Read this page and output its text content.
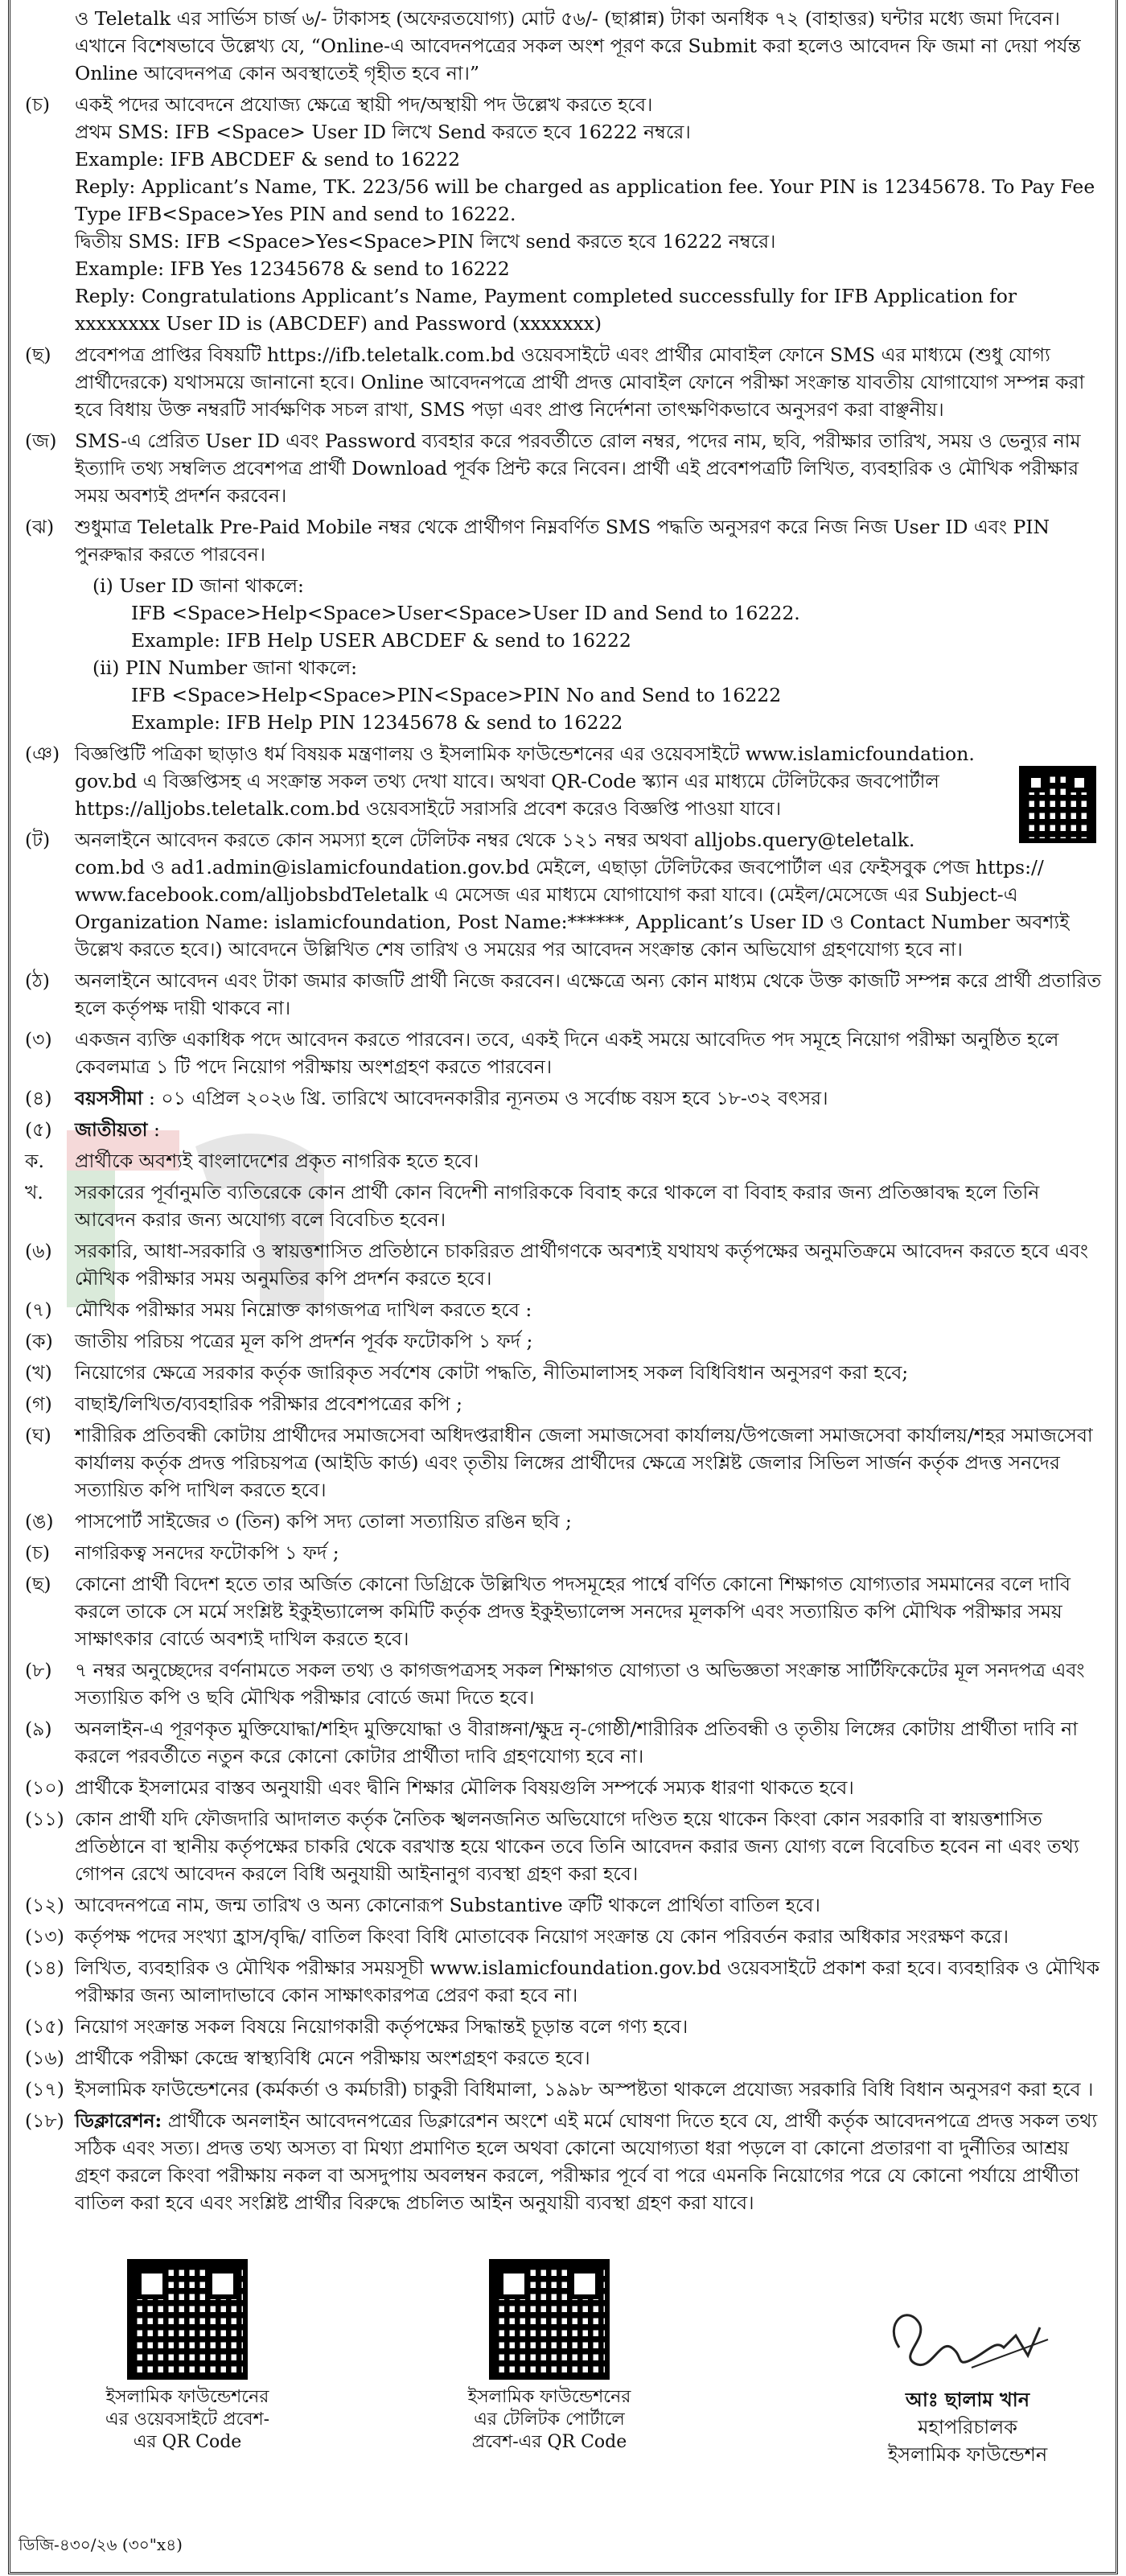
ও Teletalk এর সার্ভিস চার্জ ৬/- টাকাসহ (অফেরতযোগ্য) মোট ৫৬/- (ছাপ্পান্ন) টাকা অনধিক ৭২ (বাহাত্তর) ঘন্টার মধ্যে জমা দিবেন।
এখানে বিশেষভাবে উল্লেখ্য যে, “Online-এ আবেদনপত্রের সকল অংশ পূরণ করে Submit করা হলেও আবেদন ফি জমা না দেয়া পর্যন্ত Online আবেদনপত্র কোন অবস্থাতেই গৃহীত হবে না।”
(চ)	একই পদের আবেদনে প্রযোজ্য ক্ষেত্রে স্থায়ী পদ/অস্থায়ী পদ উল্লেখ করতে হবে।
প্রথম SMS: IFB <Space> User ID লিখে Send করতে হবে 16222 নম্বরে।
Example: IFB ABCDEF & send to 16222
Reply: Applicant’s Name, TK. 223/56 will be charged as application fee. Your PIN is 12345678. To Pay Fee Type IFB<Space>Yes PIN and send to 16222.
দ্বিতীয় SMS: IFB <Space>Yes<Space>PIN লিখে send করতে হবে 16222 নম্বরে।
Example: IFB Yes 12345678 & send to 16222
Reply: Congratulations Applicant’s Name, Payment completed successfully for IFB Application for xxxxxxxx User ID is (ABCDEF) and Password (xxxxxxx)
(ছ)	প্রবেশপত্র প্রাপ্তির বিষয়টি https://ifb.teletalk.com.bd ওয়েবসাইটে এবং প্রার্থীর মোবাইল ফোনে SMS এর মাধ্যমে (শুধু যোগ্য প্রার্থীদেরকে) যথাসময়ে জানানো হবে। Online আবেদনপত্রে প্রার্থী প্রদত্ত মোবাইল ফোনে পরীক্ষা সংক্রান্ত যাবতীয় যোগাযোগ সম্পন্ন করা হবে বিধায় উক্ত নম্বরটি সার্বক্ষণিক সচল রাখা, SMS পড়া এবং প্রাপ্ত নির্দেশনা তাৎক্ষণিকভাবে অনুসরণ করা বাঞ্ছনীয়।
(জ) SMS-এ প্রেরিত User ID এবং Password ব্যবহার করে পরবর্তীতে রোল নম্বর, পদের নাম, ছবি, পরীক্ষার তারিখ, সময় ও ভেন্যুর নাম ইত্যাদি তথ্য সম্বলিত প্রবেশপত্র প্রার্থী Download পূর্বক প্রিন্ট করে নিবেন। প্রার্থী এই প্রবেশপত্রটি লিখিত, ব্যবহারিক ও মৌখিক পরীক্ষার সময় অবশ্যই প্রদর্শন করবেন।
(ঝ)	শুধুমাত্র Teletalk Pre-Paid Mobile নম্বর থেকে প্রার্থীগণ নিম্নবর্ণিত SMS পদ্ধতি অনুসরণ করে নিজ নিজ User ID এবং PIN পুনরুদ্ধার করতে পারবেন।
(i) User ID জানা থাকলে:
IFB <Space>Help<Space>User<Space>User ID and Send to 16222.
Example: IFB Help USER ABCDEF & send to 16222
(ii) PIN Number জানা থাকলে:
IFB <Space>Help<Space>PIN<Space>PIN No and Send to 16222
Example: IFB Help PIN 12345678 & send to 16222
(ঞ) বিজ্ঞপ্তিটি পত্রিকা ছাড়াও ধর্ম বিষয়ক মন্ত্রণালয় ও ইসলামিক ফাউন্ডেশনের এর ওয়েবসাইটে www.islamicfoundation.
gov.bd এ বিজ্ঞপ্তিসহ এ সংক্রান্ত সকল তথ্য দেখা যাবে। অথবা QR-Code স্ক্যান এর মাধ্যমে টেলিটকের জবপোর্টাল
https://alljobs.teletalk.com.bd ওয়েবসাইটে সরাসরি প্রবেশ করেও বিজ্ঞপ্তি পাওয়া যাবে।
(ট)	অনলাইনে আবেদন করতে কোন সমস্যা হলে টেলিটক নম্বর থেকে ১২১ নম্বর অথবা alljobs.query@teletalk.
com.bd ও ad1.admin@islamicfoundation.gov.bd মেইলে, এছাড়া টেলিটকের জবপোর্টাল এর ফেইসবুক পেজ https:// www.facebook.com/alljobsbdTeletalk এ মেসেজ এর মাধ্যমে যোগাযোগ করা যাবে। (মেইল/মেসেজে এর Subject-এ Organization Name: islamicfoundation, Post Name:******, Applicant’s User ID ও Contact Number অবশ্যই উল্লেখ করতে হবে।) আবেদনে উল্লিখিত শেষ তারিখ ও সময়ের পর আবেদন সংক্রান্ত কোন অভিযোগ গ্রহণযোগ্য হবে না।
(ঠ)	অনলাইনে আবেদন এবং টাকা জমার কাজটি প্রার্থী নিজে করবেন। এক্ষেত্রে অন্য কোন মাধ্যম থেকে উক্ত কাজটি সম্পন্ন করে প্রার্থী প্রতারিত হলে কর্তৃপক্ষ দায়ী থাকবে না।
(৩)	একজন ব্যক্তি একাধিক পদে আবেদন করতে পারবেন। তবে, একই দিনে একই সময়ে আবেদিত পদ সমূহে নিয়োগ পরীক্ষা অনুষ্ঠিত হলে কেবলমাত্র ১ টি পদে নিয়োগ পরীক্ষায় অংশগ্রহণ করতে পারবেন।
(৪)	বয়সসীমা : ০১ এপ্রিল ২০২৬ খ্রি. তারিখে আবেদনকারীর ন্যূনতম ও সর্বোচ্চ বয়স হবে ১৮-৩২ বৎসর।
(৫)	জাতীয়তা :
ক.	প্রার্থীকে অবশ্যই বাংলাদেশের প্রকৃত নাগরিক হতে হবে।
খ.	সরকারের পূর্বানুমতি ব্যতিরেকে কোন প্রার্থী কোন বিদেশী নাগরিককে বিবাহ করে থাকলে বা বিবাহ করার জন্য প্রতিজ্ঞাবদ্ধ হলে তিনি আবেদন করার জন্য অযোগ্য বলে বিবেচিত হবেন।
(৬)	সরকারি, আধা-সরকারি ও স্বায়ত্তশাসিত প্রতিষ্ঠানে চাকরিরত প্রার্থীগণকে অবশ্যই যথাযথ কর্তৃপক্ষের অনুমতিক্রমে আবেদন করতে হবে এবং মৌখিক পরীক্ষার সময় অনুমতির কপি প্রদর্শন করতে হবে।
(৭)	মৌখিক পরীক্ষার সময় নিম্নোক্ত কাগজপত্র দাখিল করতে হবে :
(ক)	জাতীয় পরিচয় পত্রের মূল কপি প্রদর্শন পূর্বক ফটোকপি ১ ফর্দ ;
(খ)	নিয়োগের ক্ষেত্রে সরকার কর্তৃক জারিকৃত সর্বশেষ কোটা পদ্ধতি, নীতিমালাসহ সকল বিধিবিধান অনুসরণ করা হবে;
(গ)	বাছাই/লিখিত/ব্যবহারিক পরীক্ষার প্রবেশপত্রের কপি ;
(ঘ)	শারীরিক প্রতিবন্ধী কোটায় প্রার্থীদের সমাজসেবা অধিদপ্তরাধীন জেলা সমাজসেবা কার্যালয়/উপজেলা সমাজসেবা কার্যালয়/শহর সমাজসেবা কার্যালয় কর্তৃক প্রদত্ত পরিচয়পত্র (আইডি কার্ড) এবং তৃতীয় লিঙ্গের প্রার্থীদের ক্ষেত্রে সংশ্লিষ্ট জেলার সিভিল সার্জন কর্তৃক প্রদত্ত সনদের সত্যায়িত কপি দাখিল করতে হবে।
(ঙ)	পাসপোর্ট সাইজের ৩ (তিন) কপি সদ্য তোলা সত্যায়িত রঙিন ছবি ;
(চ)	নাগরিকত্ব সনদের ফটোকপি ১ ফর্দ ;
(ছ)	কোনো প্রার্থী বিদেশ হতে তার অর্জিত কোনো ডিগ্রিকে উল্লিখিত পদসমূহের পার্শ্বে বর্ণিত কোনো শিক্ষাগত যোগ্যতার সমমানের বলে দাবি করলে তাকে সে মর্মে সংশ্লিষ্ট ইকুইভ্যালেন্স কমিটি কর্তৃক প্রদত্ত ইকুইভ্যালেন্স সনদের মূলকপি এবং সত্যায়িত কপি মৌখিক পরীক্ষার সময় সাক্ষাৎকার বোর্ডে অবশ্যই দাখিল করতে হবে।
(৮)	৭ নম্বর অনুচ্ছেদের বর্ণনামতে সকল তথ্য ও কাগজপত্রসহ সকল শিক্ষাগত যোগ্যতা ও অভিজ্ঞতা সংক্রান্ত সার্টিফিকেটের মূল সনদপত্র এবং সত্যায়িত কপি ও ছবি মৌখিক পরীক্ষার বোর্ডে জমা দিতে হবে।
(৯)	অনলাইন-এ পূরণকৃত মুক্তিযোদ্ধা/শহিদ মুক্তিযোদ্ধা ও বীরাঙ্গনা/ক্ষুদ্র নৃ-গোষ্ঠী/শারীরিক প্রতিবন্ধী ও তৃতীয় লিঙ্গের কোটায় প্রার্থীতা দাবি না করলে পরবর্তীতে নতুন করে কোনো কোটার প্রার্থীতা দাবি গ্রহণযোগ্য হবে না।
(১০) প্রার্থীকে ইসলামের বাস্তব অনুযায়ী এবং দ্বীনি শিক্ষার মৌলিক বিষয়গুলি সম্পর্কে সম্যক ধারণা থাকতে হবে।
(১১) কোন প্রার্থী যদি ফৌজদারি আদালত কর্তৃক নৈতিক স্খলনজনিত অভিযোগে দণ্ডিত হয়ে থাকেন কিংবা কোন সরকারি বা স্বায়ত্তশাসিত প্রতিষ্ঠানে বা স্থানীয় কর্তৃপক্ষের চাকরি থেকে বরখাস্ত হয়ে থাকেন তবে তিনি আবেদন করার জন্য যোগ্য বলে বিবেচিত হবেন না এবং তথ্য গোপন রেখে আবেদন করলে বিধি অনুযায়ী আইনানুগ ব্যবস্থা গ্রহণ করা হবে।
(১২) আবেদনপত্রে নাম, জন্ম তারিখ ও অন্য কোনোরূপ Substantive ত্রুটি থাকলে প্রার্থিতা বাতিল হবে।
(১৩) কর্তৃপক্ষ পদের সংখ্যা হ্রাস/বৃদ্ধি/ বাতিল কিংবা বিধি মোতাবেক নিয়োগ সংক্রান্ত যে কোন পরিবর্তন করার অধিকার সংরক্ষণ করে।
(১৪) লিখিত, ব্যবহারিক ও মৌখিক পরীক্ষার সময়সূচী www.islamicfoundation.gov.bd ওয়েবসাইটে প্রকাশ করা হবে। ব্যবহারিক ও মৌখিক পরীক্ষার জন্য আলাদাভাবে কোন সাক্ষাৎকারপত্র প্রেরণ করা হবে না।
(১৫) নিয়োগ সংক্রান্ত সকল বিষয়ে নিয়োগকারী কর্তৃপক্ষের সিদ্ধান্তই চূড়ান্ত বলে গণ্য হবে।
(১৬) প্রার্থীকে পরীক্ষা কেন্দ্রে স্বাস্থ্যবিধি মেনে পরীক্ষায় অংশগ্রহণ করতে হবে।
(১৭) ইসলামিক ফাউন্ডেশনের (কর্মকর্তা ও কর্মচারী) চাকুরী বিধিমালা, ১৯৯৮ অস্পষ্টতা থাকলে প্রযোজ্য সরকারি বিধি বিধান অনুসরণ করা হবে ।
(১৮) ডিক্লারেশন: প্রার্থীকে অনলাইন আবেদনপত্রের ডিক্লারেশন অংশে এই মর্মে ঘোষণা দিতে হবে যে, প্রার্থী কর্তৃক আবেদনপত্রে প্রদত্ত সকল তথ্য সঠিক এবং সত্য। প্রদত্ত তথ্য অসত্য বা মিথ্যা প্রমাণিত হলে অথবা কোনো অযোগ্যতা ধরা পড়লে বা কোনো প্রতারণা বা দুর্নীতির আশ্রয় গ্রহণ করলে কিংবা পরীক্ষায় নকল বা অসদুপায় অবলম্বন করলে, পরীক্ষার পূর্বে বা পরে এমনকি নিয়োগের পরে যে কোনো পর্যায়ে প্রার্থীতা বাতিল করা হবে এবং সংশ্লিষ্ট প্রার্থীর বিরুদ্ধে প্রচলিত আইন অনুযায়ী ব্যবস্থা গ্রহণ করা যাবে।
ইসলামিক ফাউন্ডেশনের
এর ওয়েবসাইটে প্রবেশ-
এর QR Code
ইসলামিক ফাউন্ডেশনের
এর টেলিটক পোর্টালে
প্রবেশ-এর QR Code
আঃ ছালাম খান
মহাপরিচালক
ইসলামিক ফাউন্ডেশন
ডিজি-৪৩০/২৬ (৩০"x৪)
